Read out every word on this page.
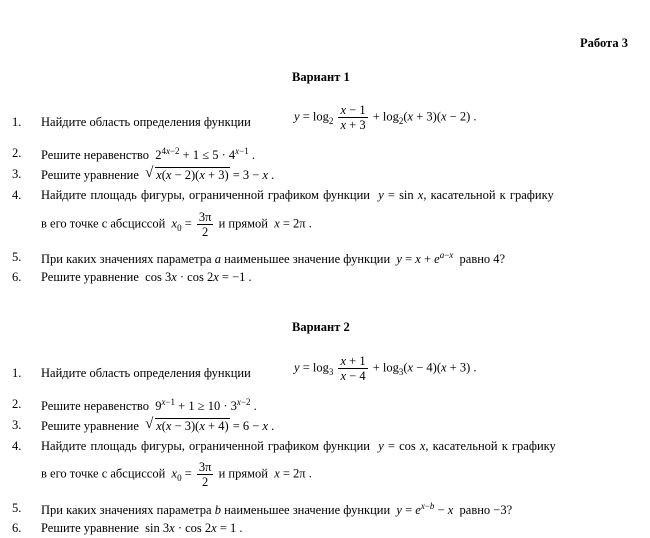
Работа 3
Вариант 1
1. Найдите область определения функции	$y = \log_2 \frac{x - 1}{x + 3} + \log_2(x + 3)(x - 2)$ .
2. Решите неравенство  $2^{4x-2} + 1 \le 5 \cdot 4^{x-1}$ .
3. Решите уравнение √ x(x − 2)(x + 3) = 3 − x .
4. Найдите площадь фигуры, ограниченной графиком функции y = sin x, касательной к графику
в его точке с абсциссой $x_0 = \frac{3\pi}{2}$ и прямой x = 2π .
5. При каких значениях параметра a наименьшее значение функции $y = x + e^{a-x}$ равно 4?
6. Решите уравнение  cos 3x · cos 2x = −1 .
Вариант 2
1. Найдите область определения функции	$y = \log_3 \frac{x + 1}{x - 4} + \log_3(x - 4)(x + 3)$ .
2. Решите неравенство  $9^{x-1} + 1 \ge 10 \cdot 3^{x-2}$ .
3. Решите уравнение √ x(x − 3)(x + 4) = 6 − x .
4. Найдите площадь фигуры, ограниченной графиком функции y = cos x, касательной к графику
в его точке с абсциссой $x_0 = \frac{3\pi}{2}$ и прямой x = 2π .
5. При каких значениях параметра b наименьшее значение функции $y = e^{x-b} - x$ равно −3?
6. Решите уравнение  sin 3x · cos 2x = 1 .
